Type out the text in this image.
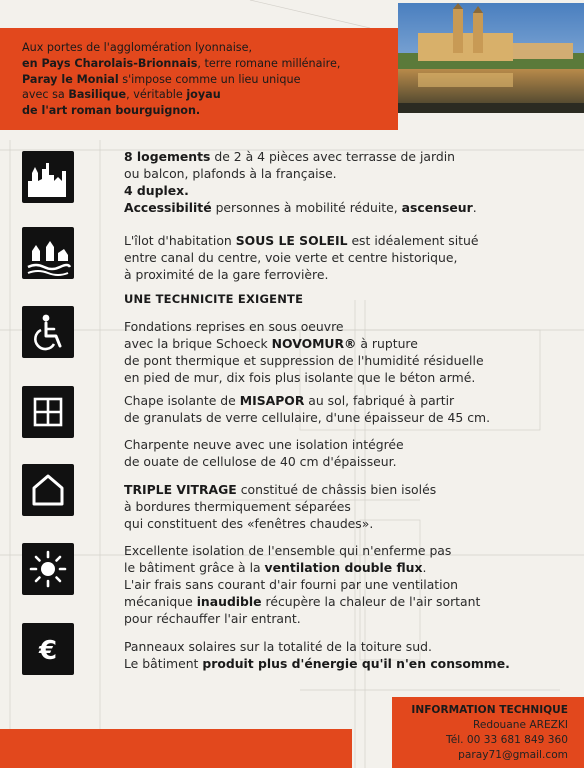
Aux portes de l'agglomération lyonnaise,
en Pays Charolais-Brionnais, terre romane millénaire,
Paray le Monial s'impose comme un lieu unique
avec sa Basilique, véritable joyau
de l'art roman bourguignon.
€
8 logements de 2 à 4 pièces avec terrasse de jardin
ou balcon, plafonds à la française.
4 duplex.
Accessibilité personnes à mobilité réduite, ascenseur.
L'îlot d'habitation SOUS LE SOLEIL est idéalement situé
entre canal du centre, voie verte et centre historique,
à proximité de la gare ferrovière.
UNE TECHNICITE EXIGENTE
Fondations reprises en sous oeuvre
avec la brique Schoeck NOVOMUR® à rupture
de pont thermique et suppression de l'humidité résiduelle
en pied de mur, dix fois plus isolante que le béton armé.
Chape isolante de MISAPOR au sol, fabriqué à partir
de granulats de verre cellulaire, d'une épaisseur de 45 cm.
Charpente neuve avec une isolation intégrée
de ouate de cellulose de 40 cm d'épaisseur.
TRIPLE VITRAGE constitué de châssis bien isolés
à bordures thermiquement séparées
qui constituent des «fenêtres chaudes».
Excellente isolation de l'ensemble qui n'enferme pas
le bâtiment grâce à la ventilation double flux.
L'air frais sans courant d'air fourni par une ventilation
mécanique inaudible récupère la chaleur de l'air sortant
pour réchauffer l'air entrant.
Panneaux solaires sur la totalité de la toiture sud.
Le bâtiment produit plus d'énergie qu'il n'en consomme.
INFORMATION TECHNIQUE
Redouane AREZKI
Tél. 00 33 681 849 360
paray71@gmail.com
